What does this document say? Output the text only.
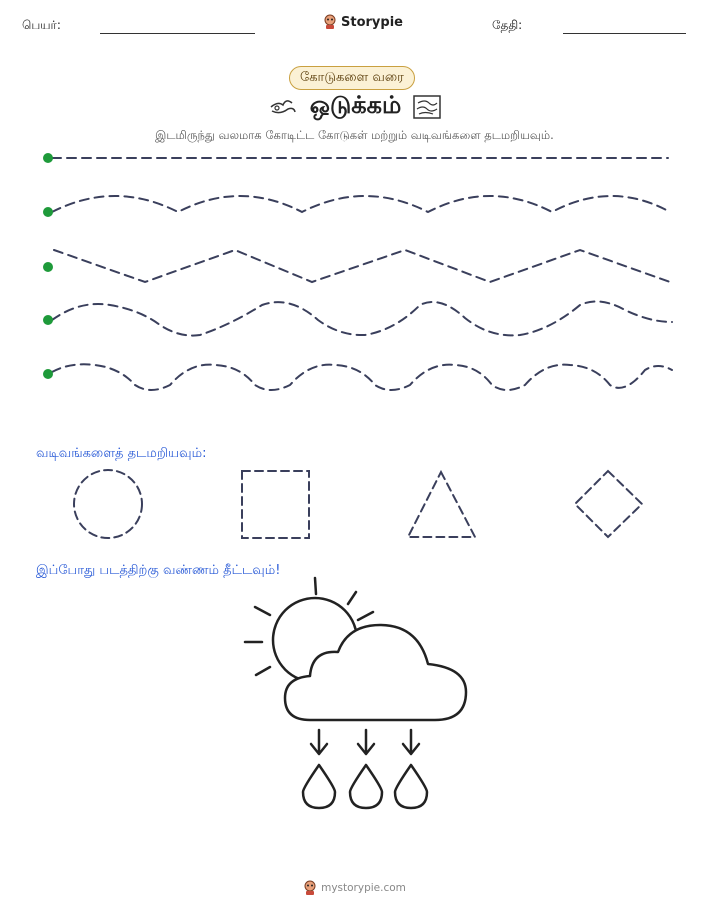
பெயர்:	Storypie	தேதி:
கோடுகளை வரை
ஒடுக்கம்
இடமிருந்து வலமாக கோடிட்ட கோடுகள் மற்றும் வடிவங்களை தடமறியவும்.
வடிவங்களைத் தடமறியவும்:
இப்போது படத்திற்கு வண்ணம் தீட்டவும்!
mystorypie.com
